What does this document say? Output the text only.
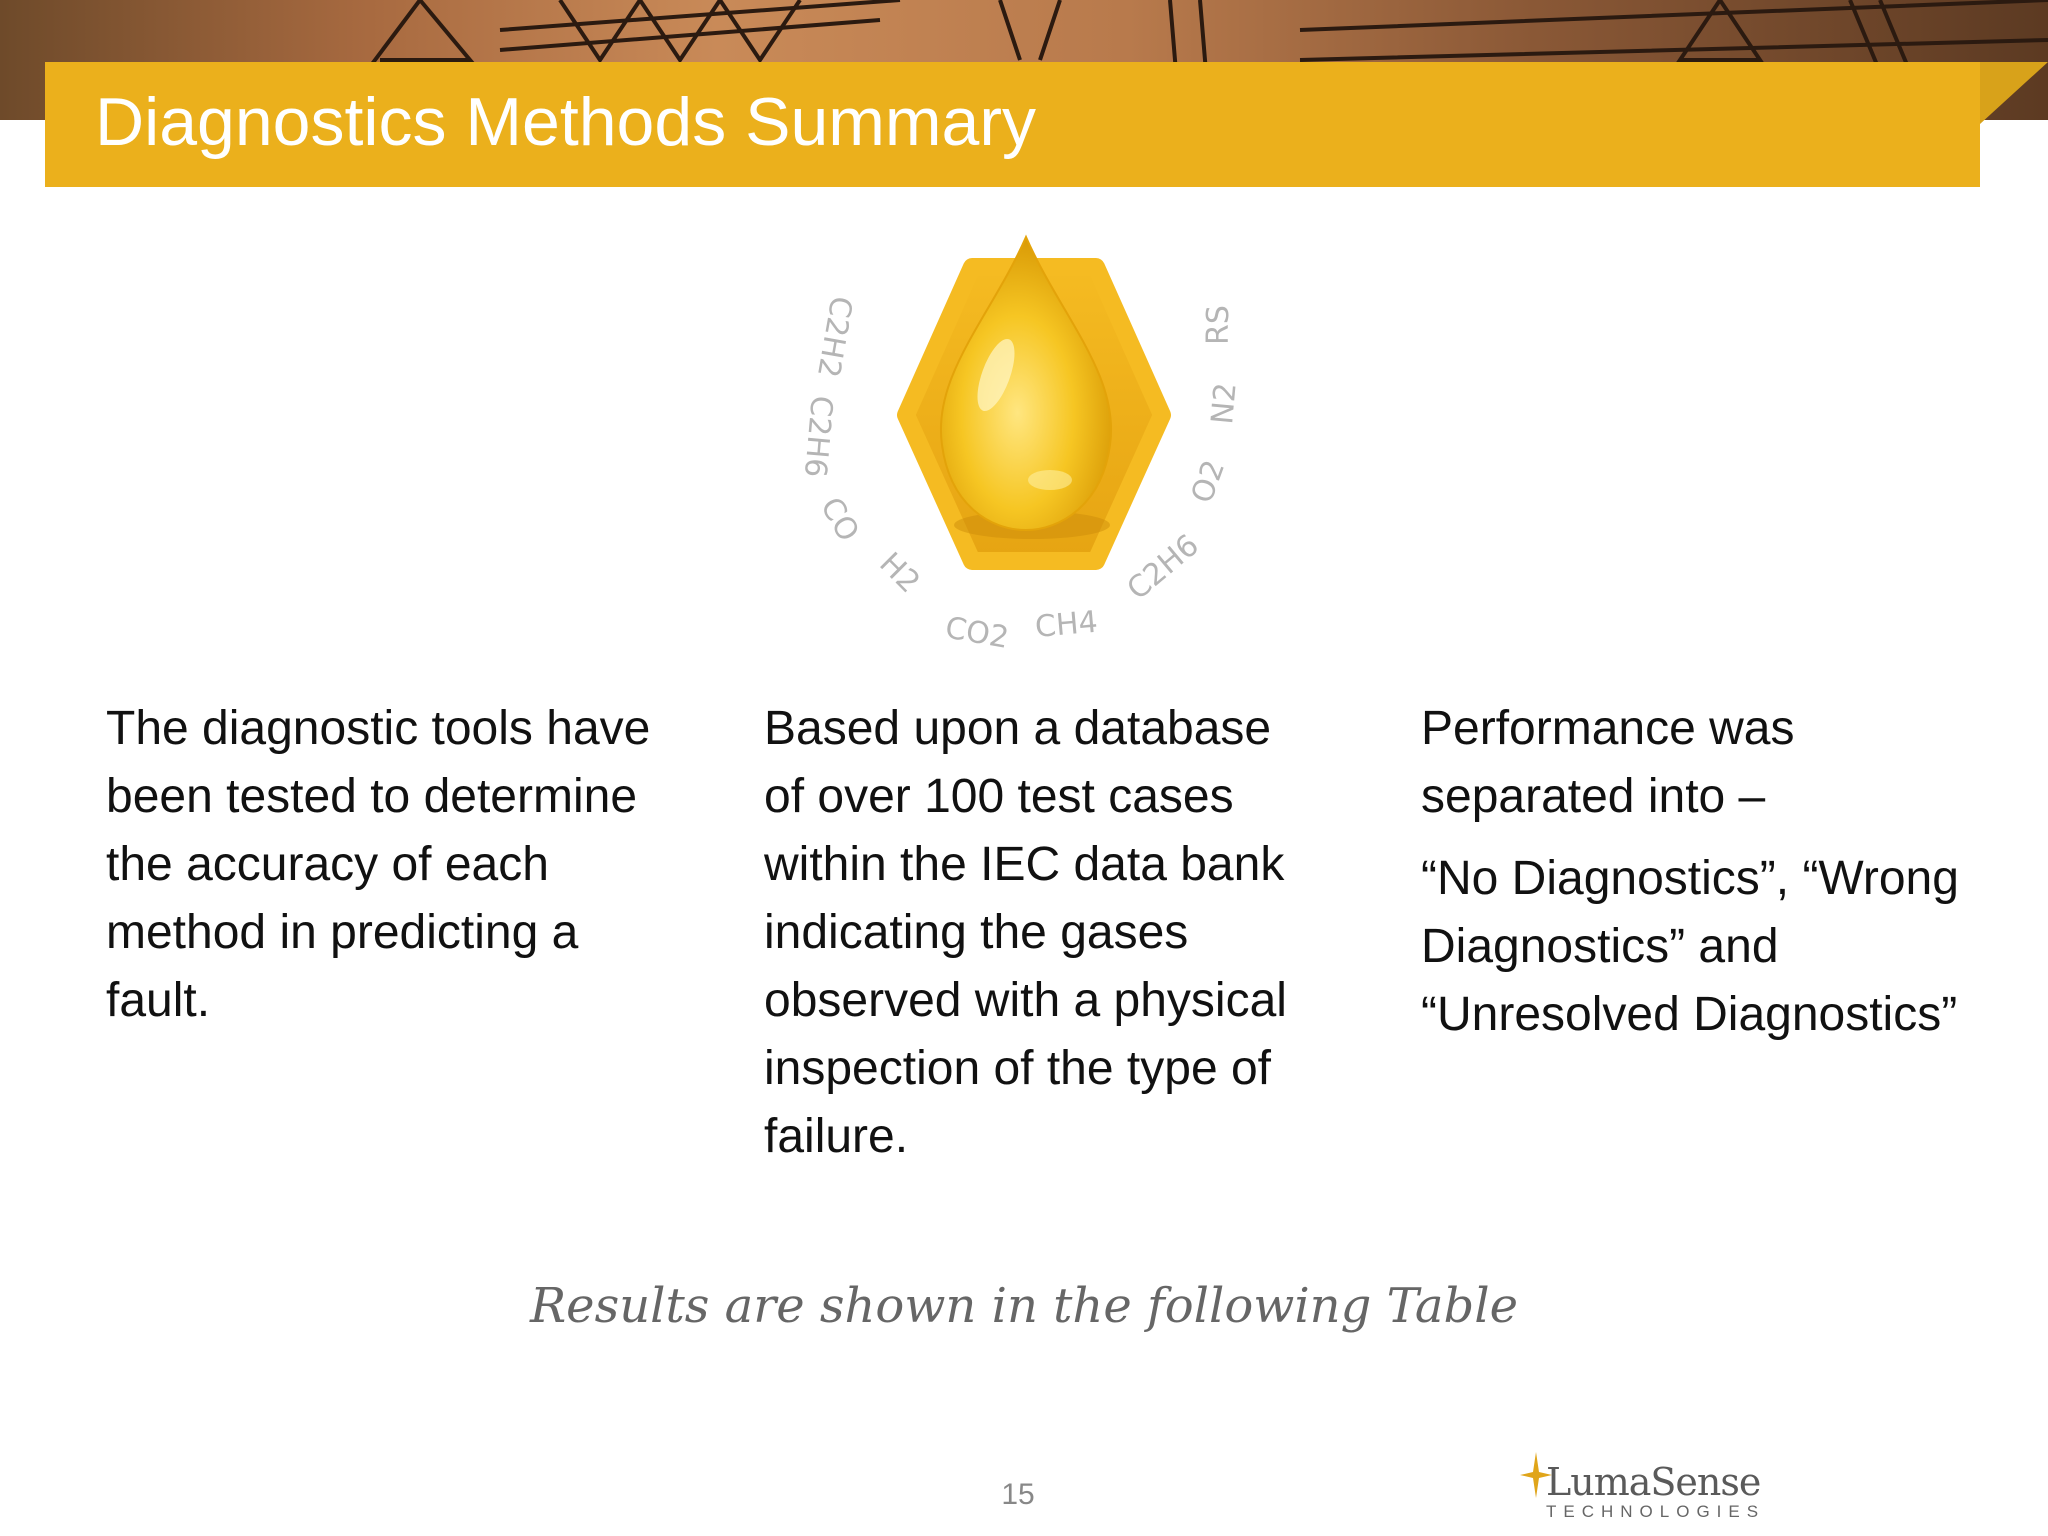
Diagnostics Methods Summary
C2H2
C2H6
CO
H2
CO2 CH4
C2H6
O2
N2
RS

The diagnostic tools have been tested to determine the accuracy of each method in predicting a fault.

Based upon a database of over 100 test cases within the IEC data bank indicating the gases observed with a physical inspection of the type of failure.

Performance was separated into –

“No Diagnostics”, “Wrong Diagnostics” and “Unresolved Diagnostics”

Results are shown in the following Table
15	LumaSense
TECHNOLOGIES
